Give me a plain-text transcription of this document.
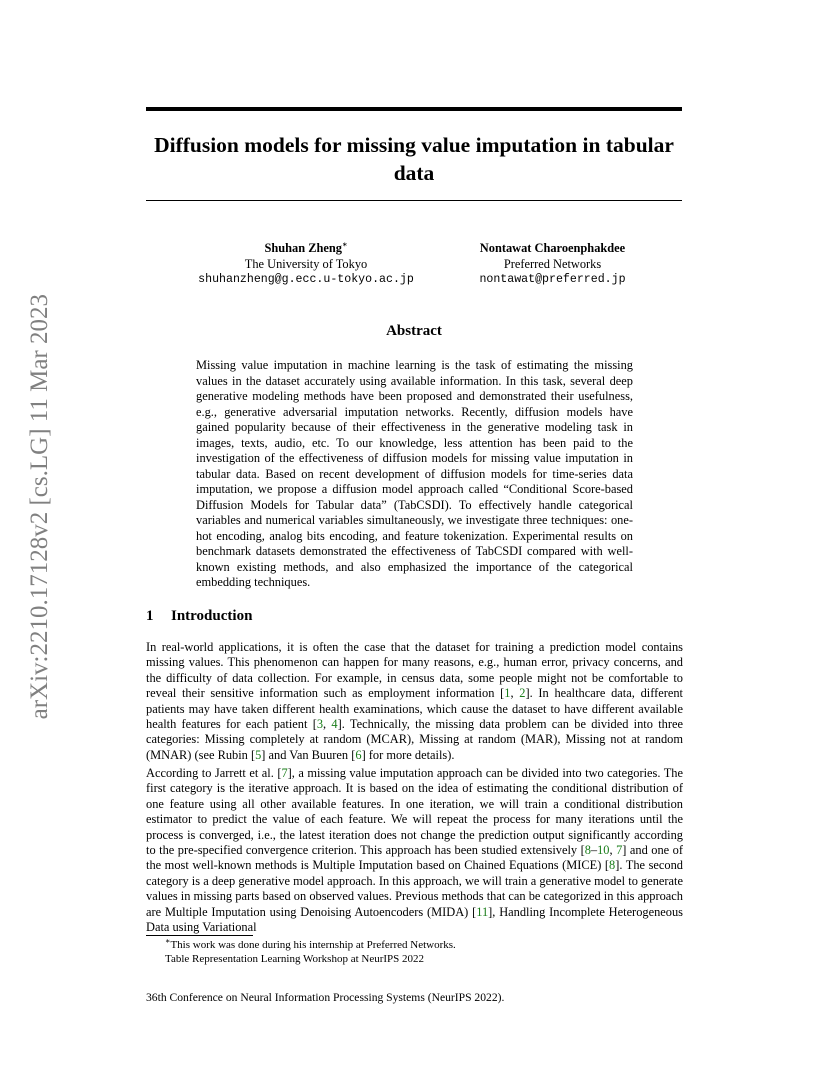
arXiv:2210.17128v2 [cs.LG] 11 Mar 2023
Diffusion models for missing value imputation in tabular data
Shuhan Zheng∗
The University of Tokyo
shuhanzheng@g.ecc.u-tokyo.ac.jp
Nontawat Charoenphakdee
Preferred Networks
nontawat@preferred.jp
Abstract

Missing value imputation in machine learning is the task of estimating the missing values in the dataset accurately using available information. In this task, several deep generative modeling methods have been proposed and demonstrated their usefulness, e.g., generative adversarial imputation networks. Recently, diffusion models have gained popularity because of their effectiveness in the generative modeling task in images, texts, audio, etc. To our knowledge, less attention has been paid to the investigation of the effectiveness of diffusion models for missing value imputation in tabular data. Based on recent development of diffusion models for time-series data imputation, we propose a diffusion model approach called “Conditional Score-based Diffusion Models for Tabular data” (TabCSDI). To effectively handle categorical variables and numerical variables simultaneously, we investigate three techniques: one-hot encoding, analog bits encoding, and feature tokenization. Experimental results on benchmark datasets demonstrated the effectiveness of TabCSDI compared with well-known existing methods, and also emphasized the importance of the categorical embedding techniques.

1 Introduction

In real-world applications, it is often the case that the dataset for training a prediction model contains missing values. This phenomenon can happen for many reasons, e.g., human error, privacy concerns, and the difficulty of data collection. For example, in census data, some people might not be comfortable to reveal their sensitive information such as employment information [1, 2]. In healthcare data, different patients may have taken different health examinations, which cause the dataset to have different available health features for each patient [3, 4]. Technically, the missing data problem can be divided into three categories: Missing completely at random (MCAR), Missing at random (MAR), Missing not at random (MNAR) (see Rubin [5] and Van Buuren [6] for more details).

According to Jarrett et al. [7], a missing value imputation approach can be divided into two categories. The first category is the iterative approach. It is based on the idea of estimating the conditional distribution of one feature using all other available features. In one iteration, we will train a conditional distribution estimator to predict the value of each feature. We will repeat the process for many iterations until the process is converged, i.e., the latest iteration does not change the prediction output significantly according to the pre-specified convergence criterion. This approach has been studied extensively [8–10, 7] and one of the most well-known methods is Multiple Imputation based on Chained Equations (MICE) [8]. The second category is a deep generative model approach. In this approach, we will train a generative model to generate values in missing parts based on observed values. Previous methods that can be categorized in this approach are Multiple Imputation using Denoising Autoencoders (MIDA) [11], Handling Incomplete Heterogeneous Data using Variational

∗This work was done during his internship at Preferred Networks.
Table Representation Learning Workshop at NeurIPS 2022
36th Conference on Neural Information Processing Systems (NeurIPS 2022).
